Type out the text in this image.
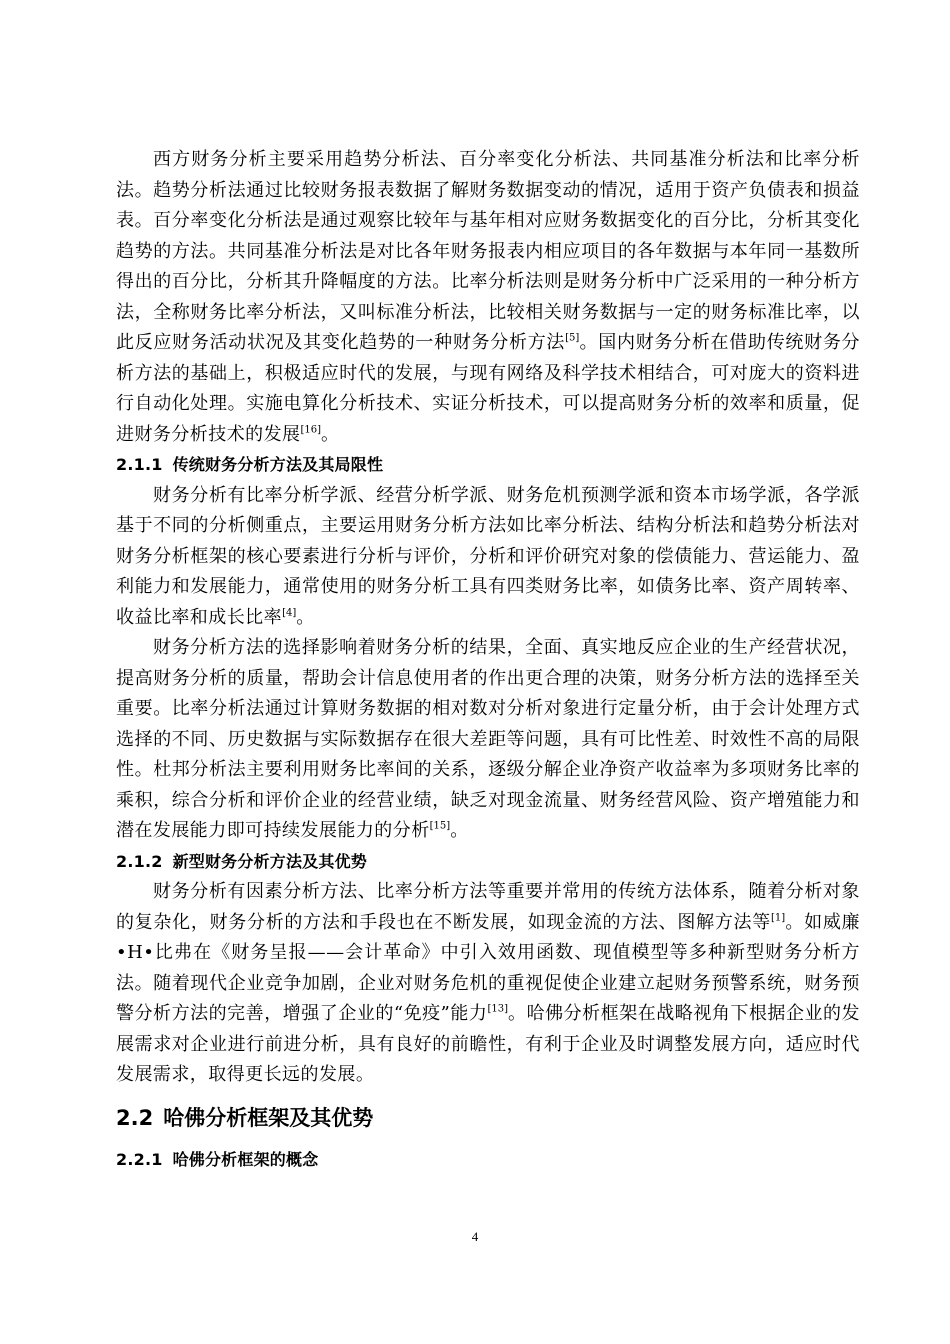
西方财务分析主要采用趋势分析法、百分率变化分析法、共同基准分析法和比率分析法。趋势分析法通过比较财务报表数据了解财务数据变动的情况，适用于资产负债表和损益表。百分率变化分析法是通过观察比较年与基年相对应财务数据变化的百分比，分析其变化趋势的方法。共同基准分析法是对比各年财务报表内相应项目的各年数据与本年同一基数所得出的百分比，分析其升降幅度的方法。比率分析法则是财务分析中广泛采用的一种分析方法，全称财务比率分析法，又叫标准分析法，比较相关财务数据与一定的财务标准比率，以此反应财务活动状况及其变化趋势的一种财务分析方法[5]。国内财务分析在借助传统财务分析方法的基础上，积极适应时代的发展，与现有网络及科学技术相结合，可对庞大的资料进行自动化处理。实施电算化分析技术、实证分析技术，可以提高财务分析的效率和质量，促进财务分析技术的发展[16]。

2.1.1 传统财务分析方法及其局限性

财务分析有比率分析学派、经营分析学派、财务危机预测学派和资本市场学派，各学派基于不同的分析侧重点，主要运用财务分析方法如比率分析法、结构分析法和趋势分析法对财务分析框架的核心要素进行分析与评价，分析和评价研究对象的偿债能力、营运能力、盈利能力和发展能力，通常使用的财务分析工具有四类财务比率，如债务比率、资产周转率、收益比率和成长比率[4]。

财务分析方法的选择影响着财务分析的结果，全面、真实地反应企业的生产经营状况，提高财务分析的质量，帮助会计信息使用者的作出更合理的决策，财务分析方法的选择至关重要。比率分析法通过计算财务数据的相对数对分析对象进行定量分析，由于会计处理方式选择的不同、历史数据与实际数据存在很大差距等问题，具有可比性差、时效性不高的局限性。杜邦分析法主要利用财务比率间的关系，逐级分解企业净资产收益率为多项财务比率的乘积，综合分析和评价企业的经营业绩，缺乏对现金流量、财务经营风险、资产增殖能力和潜在发展能力即可持续发展能力的分析[15]。

2.1.2 新型财务分析方法及其优势

财务分析有因素分析方法、比率分析方法等重要并常用的传统方法体系，随着分析对象的复杂化，财务分析的方法和手段也在不断发展，如现金流的方法、图解方法等[1]。如威廉•H•比弗在《财务呈报——会计革命》中引入效用函数、现值模型等多种新型财务分析方法。随着现代企业竞争加剧，企业对财务危机的重视促使企业建立起财务预警系统，财务预警分析方法的完善，增强了企业的“免疫”能力[13]。哈佛分析框架在战略视角下根据企业的发展需求对企业进行前进分析，具有良好的前瞻性，有利于企业及时调整发展方向，适应时代发展需求，取得更长远的发展。

2.2 哈佛分析框架及其优势
2.2.1 哈佛分析框架的概念
4
